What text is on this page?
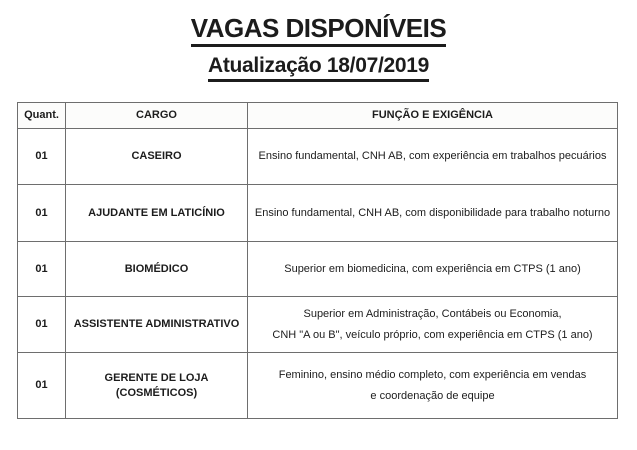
VAGAS DISPONÍVEIS
Atualização 18/07/2019
Quant.	CARGO	FUNÇÃO E EXIGÊNCIA
01	CASEIRO	Ensino fundamental, CNH AB, com experiência em trabalhos pecuários

01	AJUDANTE EM LATICÍNIO	Ensino fundamental, CNH AB, com disponibilidade para trabalho noturno

01	BIOMÉDICO	Superior em biomedicina, com experiência em CTPS (1 ano)

01	ASSISTENTE ADMINISTRATIVO	Superior em Administração, Contábeis ou Economia,
CNH "A ou B", veículo próprio, com experiência em CTPS (1 ano)

01	GERENTE DE LOJA (COSMÉTICOS)	Feminino, ensino médio completo, com experiência em vendas
e coordenação de equipe
